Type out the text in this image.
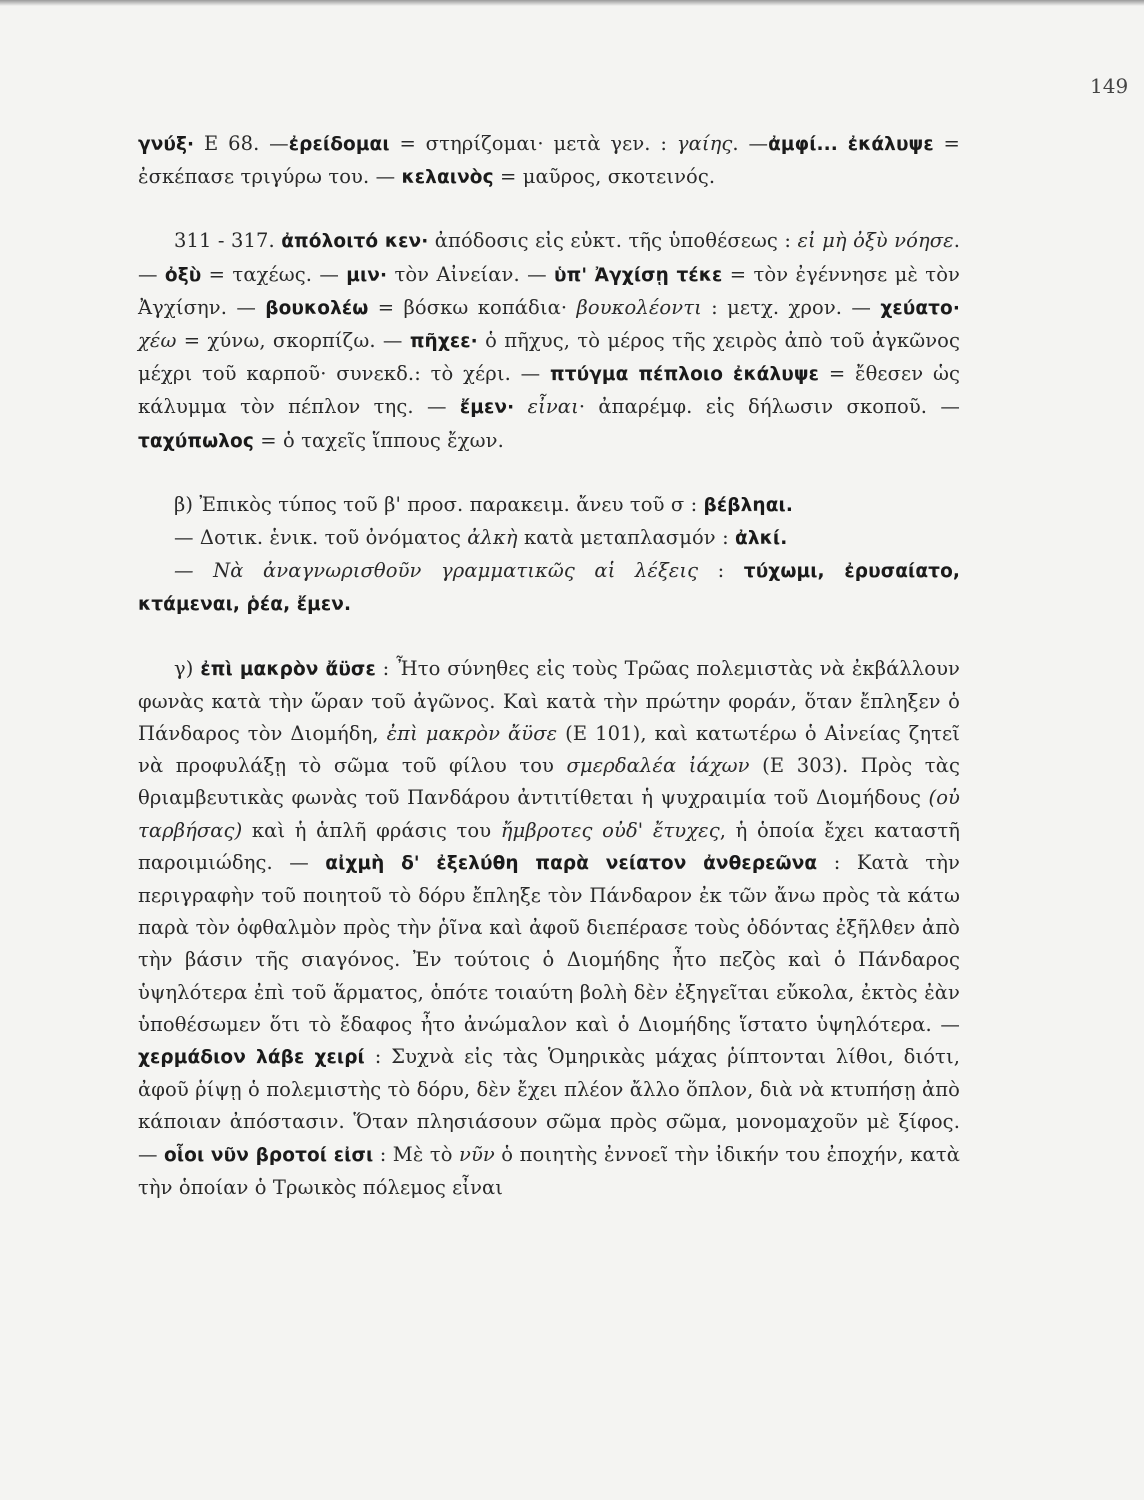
149

γνύξ· Ε 68. —ἐρείδομαι = στηρίζομαι· μετὰ γεν. : γαίης. —ἀμφί... ἐκάλυψε = ἐσκέπασε τριγύρω του. — κελαινὸς = μαῦρος, σκοτεινός.

311 - 317. ἀπόλοιτό κεν· ἀπόδοσις εἰς εὐκτ. τῆς ὑποθέσεως : εἰ μὴ ὀξὺ νόησε. — ὀξὺ = ταχέως. — μιν· τὸν Αἰνείαν. — ὑπ' Ἀγχίσῃ τέκε = τὸν ἐγέννησε μὲ τὸν Ἀγχίσην. — βουκολέω = βόσκω κοπάδια· βουκολέοντι : μετχ. χρον. — χεύατο· χέω = χύνω, σκορπίζω. — πῆχεε· ὁ πῆχυς, τὸ μέρος τῆς χειρὸς ἀπὸ τοῦ ἀγκῶνος μέχρι τοῦ καρποῦ· συνεκδ.: τὸ χέρι. — πτύγμα πέπλοιο ἐκάλυψε = ἔθεσεν ὡς κάλυμμα τὸν πέπλον της. — ἔμεν· εἶναι· ἀπαρέμφ. εἰς δήλωσιν σκοποῦ. — ταχύπωλος = ὁ ταχεῖς ἵππους ἔχων.

β) Ἐπικὸς τύπος τοῦ β' προσ. παρακειμ. ἄνευ τοῦ σ : βέβληαι.

— Δοτικ. ἑνικ. τοῦ ὀνόματος ἀλκὴ κατὰ μεταπλασμόν : ἀλκί.

— Νὰ ἀναγνωρισθοῦν γραμματικῶς αἱ λέξεις : τύχωμι, ἐρυσαίατο, κτάμεναι, ῥέα, ἔμεν.

γ) ἐπὶ μακρὸν ἄϋσε : Ἦτο σύνηθες εἰς τοὺς Τρῶας πολεμιστὰς νὰ ἐκβάλλουν φωνὰς κατὰ τὴν ὥραν τοῦ ἀγῶνος. Καὶ κατὰ τὴν πρώτην φοράν, ὅταν ἔπληξεν ὁ Πάνδαρος τὸν Διομήδη, ἐπὶ μακρὸν ἄϋσε (Ε 101), καὶ κατωτέρω ὁ Αἰνείας ζητεῖ νὰ προφυλάξῃ τὸ σῶμα τοῦ φίλου του σμερδαλέα ἰάχων (Ε 303). Πρὸς τὰς θριαμβευτικὰς φωνὰς τοῦ Πανδάρου ἀντιτίθεται ἡ ψυχραιμία τοῦ Διομήδους (οὐ ταρβήσας) καὶ ἡ ἁπλῆ φράσις του ἤμβροτες οὐδ' ἔτυχες, ἡ ὁποία ἔχει καταστῆ παροιμιώδης. — αἰχμὴ δ' ἐξελύθη παρὰ νείατον ἀνθερεῶνα : Κατὰ τὴν περιγραφὴν τοῦ ποιητοῦ τὸ δόρυ ἔπληξε τὸν Πάνδαρον ἐκ τῶν ἄνω πρὸς τὰ κάτω παρὰ τὸν ὀφθαλμὸν πρὸς τὴν ῥῖνα καὶ ἀφοῦ διεπέρασε τοὺς ὀδόντας ἐξῆλθεν ἀπὸ τὴν βάσιν τῆς σιαγόνος. Ἐν τούτοις ὁ Διομήδης ἦτο πεζὸς καὶ ὁ Πάνδαρος ὑψηλότερα ἐπὶ τοῦ ἅρματος, ὁπότε τοιαύτη βολὴ δὲν ἐξηγεῖται εὔκολα, ἐκτὸς ἐὰν ὑποθέσωμεν ὅτι τὸ ἔδαφος ἦτο ἀνώμαλον καὶ ὁ Διομήδης ἵστατο ὑψηλότερα. — χερμάδιον λάβε χειρί : Συχνὰ εἰς τὰς Ὁμηρικὰς μάχας ῥίπτονται λίθοι, διότι, ἀφοῦ ῥίψῃ ὁ πολεμιστὴς τὸ δόρυ, δὲν ἔχει πλέον ἄλλο ὅπλον, διὰ νὰ κτυπήσῃ ἀπὸ κάποιαν ἀπόστασιν. Ὅταν πλησιάσουν σῶμα πρὸς σῶμα, μονομαχοῦν μὲ ξίφος. — οἷοι νῦν βροτοί εἰσι : Μὲ τὸ νῦν ὁ ποιητὴς ἐννοεῖ τὴν ἰδικήν του ἐποχήν, κατὰ τὴν ὁποίαν ὁ Τρωικὸς πόλεμος εἶναι
